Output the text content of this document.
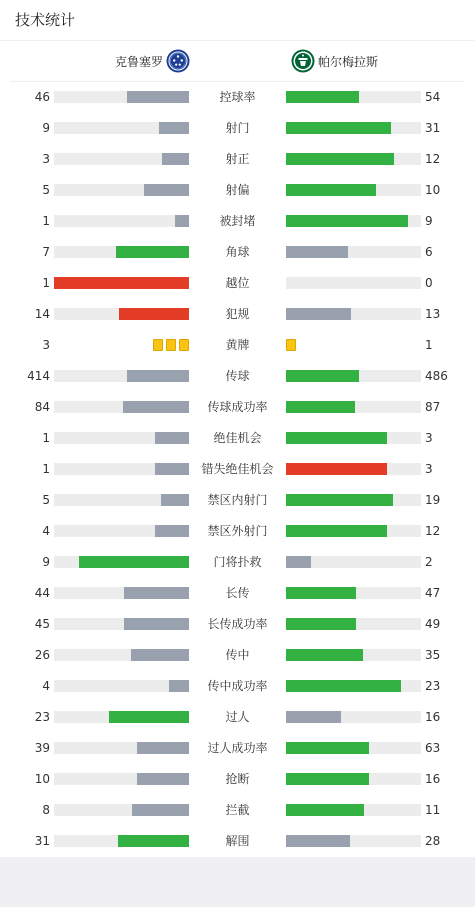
技术统计
克鲁塞罗	帕尔梅拉斯
46	控球率	54
9	射门	31
3	射正	12
5	射偏	10
1	被封堵	9
7	角球	6
1	越位	0
14	犯规	13
3	黄牌	1
414	传球	486
84	传球成功率	87
1	绝佳机会	3
1	错失绝佳机会	3
5	禁区内射门	19
4	禁区外射门	12
9	门将扑救	2
44	长传	47
45	长传成功率	49
26	传中	35
4	传中成功率	23
23	过人	16
39	过人成功率	63
10	抢断	16
8	拦截	11
31	解围	28
